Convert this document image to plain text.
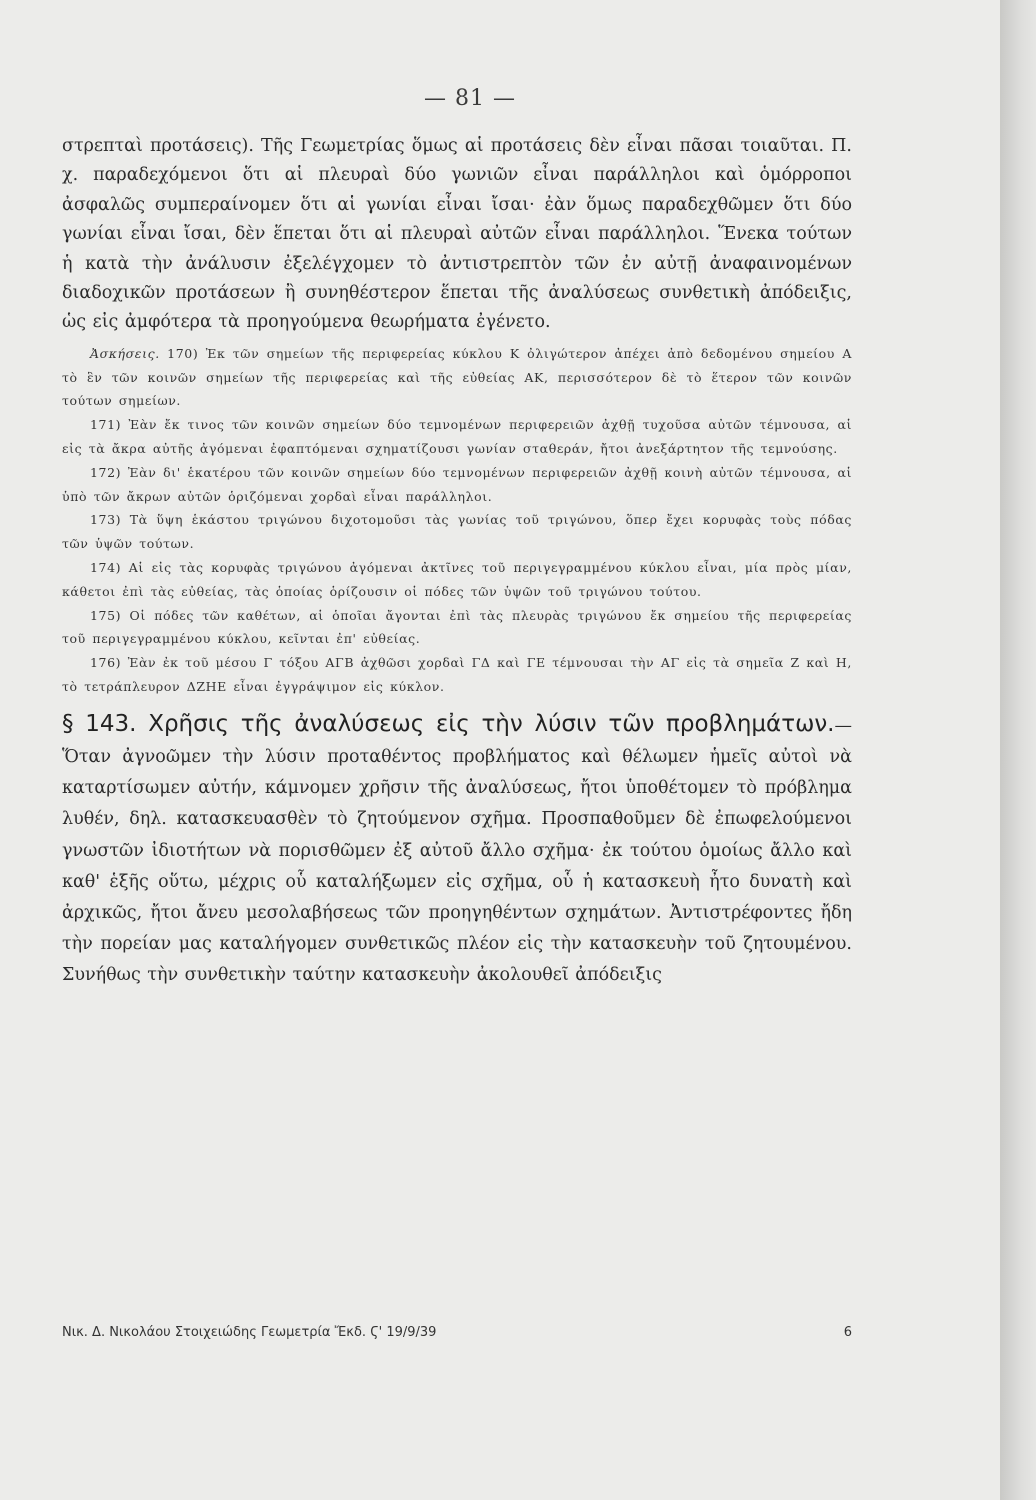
— 81 —

στρεπταὶ προτάσεις). Τῆς Γεωμετρίας ὅμως αἱ προτάσεις δὲν εἶναι πᾶσαι τοιαῦται. Π. χ. παραδεχόμενοι ὅτι αἱ πλευραὶ δύο γωνιῶν εἶναι παράλληλοι καὶ ὁμόρροποι ἀσφαλῶς συμπεραίνομεν ὅτι αἱ γωνίαι εἶναι ἴσαι· ἐὰν ὅμως παραδεχθῶμεν ὅτι δύο γωνίαι εἶναι ἴσαι, δὲν ἕπεται ὅτι αἱ πλευραὶ αὐτῶν εἶναι παράλληλοι. Ἕνεκα τούτων ἡ κατὰ τὴν ἀνάλυσιν ἐξελέγχομεν τὸ ἀντιστρεπτὸν τῶν ἐν αὐτῇ ἀναφαινομένων διαδοχικῶν προτάσεων ἢ συνηθέστερον ἕπεται τῆς ἀναλύσεως συνθετικὴ ἀπόδειξις, ὡς εἰς ἀμφότερα τὰ προηγούμενα θεωρήματα ἐγένετο.

Ἀσκήσεις. 170) Ἐκ τῶν σημείων τῆς περιφερείας κύκλου Κ ὀλιγώτερον ἀπέχει ἀπὸ δεδομένου σημείου Α τὸ ἓν τῶν κοινῶν σημείων τῆς περιφερείας καὶ τῆς εὐθείας ΑΚ, περισσότερον δὲ τὸ ἕτερον τῶν κοινῶν τούτων σημείων.

171) Ἐὰν ἔκ τινος τῶν κοινῶν σημείων δύο τεμνομένων περιφερειῶν ἀχθῇ τυχοῦσα αὐτῶν τέμνουσα, αἱ εἰς τὰ ἄκρα αὐτῆς ἀγόμεναι ἐφαπτόμεναι σχηματίζουσι γωνίαν σταθεράν, ἤτοι ἀνεξάρτητον τῆς τεμνούσης.

172) Ἐὰν δι' ἑκατέρου τῶν κοινῶν σημείων δύο τεμνομένων περιφερειῶν ἀχθῇ κοινὴ αὐτῶν τέμνουσα, αἱ ὑπὸ τῶν ἄκρων αὐτῶν ὁριζόμεναι χορδαὶ εἶναι παράλληλοι.

173) Τὰ ὕψη ἑκάστου τριγώνου διχοτομοῦσι τὰς γωνίας τοῦ τριγώνου, ὅπερ ἔχει κορυφὰς τοὺς πόδας τῶν ὑψῶν τούτων.

174) Αἱ εἰς τὰς κορυφὰς τριγώνου ἀγόμεναι ἀκτῖνες τοῦ περιγεγραμμένου κύκλου εἶναι, μία πρὸς μίαν, κάθετοι ἐπὶ τὰς εὐθείας, τὰς ὁποίας ὁρίζουσιν οἱ πόδες τῶν ὑψῶν τοῦ τριγώνου τούτου.

175) Οἱ πόδες τῶν καθέτων, αἱ ὁποῖαι ἄγονται ἐπὶ τὰς πλευρὰς τριγώνου ἔκ σημείου τῆς περιφερείας τοῦ περιγεγραμμένου κύκλου, κεῖνται ἐπ' εὐθείας.

176) Ἐὰν ἐκ τοῦ μέσου Γ τόξου ΑΓΒ ἀχθῶσι χορδαὶ ΓΔ καὶ ΓΕ τέμνουσαι τὴν ΑΓ εἰς τὰ σημεῖα Ζ καὶ Η, τὸ τετράπλευρον ΔΖΗΕ εἶναι ἐγγράψιμον εἰς κύκλον.

§ 143. Χρῆσις τῆς ἀναλύσεως εἰς τὴν λύσιν τῶν προβλημάτων.—Ὅταν ἀγνοῶμεν τὴν λύσιν προταθέντος προβλήματος καὶ θέλωμεν ἡμεῖς αὐτοὶ νὰ καταρτίσωμεν αὐτήν, κάμνομεν χρῆσιν τῆς ἀναλύσεως, ἤτοι ὑποθέτομεν τὸ πρόβλημα λυθέν, δηλ. κατασκευασθὲν τὸ ζητούμενον σχῆμα. Προσπαθοῦμεν δὲ ἐπωφελούμενοι γνωστῶν ἰδιοτήτων νὰ πορισθῶμεν ἐξ αὐτοῦ ἄλλο σχῆμα· ἐκ τούτου ὁμοίως ἄλλο καὶ καθ' ἑξῆς οὕτω, μέχρις οὗ καταλήξωμεν εἰς σχῆμα, οὗ ἡ κατασκευὴ ἦτο δυνατὴ καὶ ἀρχικῶς, ἤτοι ἄνευ μεσολαβήσεως τῶν προηγηθέντων σχημάτων. Ἀντιστρέφοντες ἤδη τὴν πορείαν μας καταλήγομεν συνθετικῶς πλέον εἰς τὴν κατασκευὴν τοῦ ζητουμένου. Συνήθως τὴν συνθετικὴν ταύτην κατασκευὴν ἀκολουθεῖ ἀπόδειξις

Νικ. Δ. Νικολάου Στοιχειώδης Γεωμετρία Ἔκδ. Ϛ' 19/9/39	6
